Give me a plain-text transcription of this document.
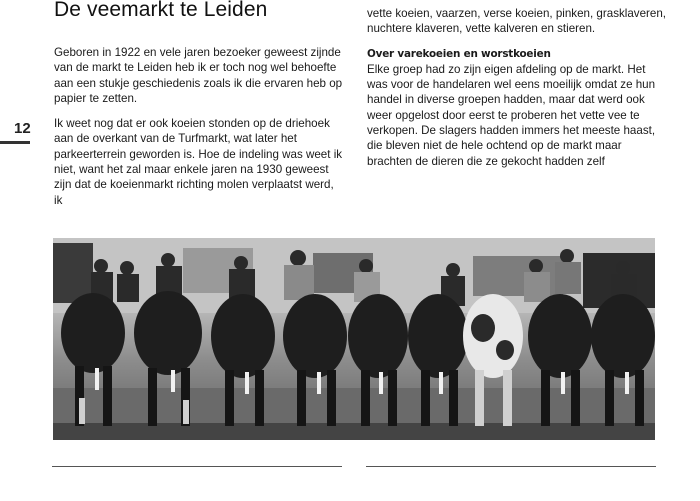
12
De veemarkt te Leiden

Geboren in 1922 en vele jaren bezoeker geweest zijnde van de markt te Leiden heb ik er toch nog wel behoefte aan een stukje geschiedenis zoals ik die ervaren heb op papier te zetten.

Ik weet nog dat er ook koeien stonden op de driehoek aan de overkant van de Turfmarkt, wat later het parkeerterrein geworden is. Hoe de indeling was weet ik niet, want het zal maar enkele jaren na 1930 geweest zijn dat de koeienmarkt richting molen verplaatst werd, ik

vette koeien, vaarzen, verse koeien, pinken, grasklaveren, nuchtere klaveren, vette kalveren en stieren.

Over varekoeien en worstkoeien

Elke groep had zo zijn eigen afdeling op de markt. Het was voor de handelaren wel eens moeilijk omdat ze hun handel in diverse groepen hadden, maar dat werd ook weer opgelost door eerst te proberen het vette vee te verkopen. De slagers hadden immers het meeste haast, die bleven niet de hele ochtend op de markt maar brachten de dieren die ze gekocht hadden zelf
